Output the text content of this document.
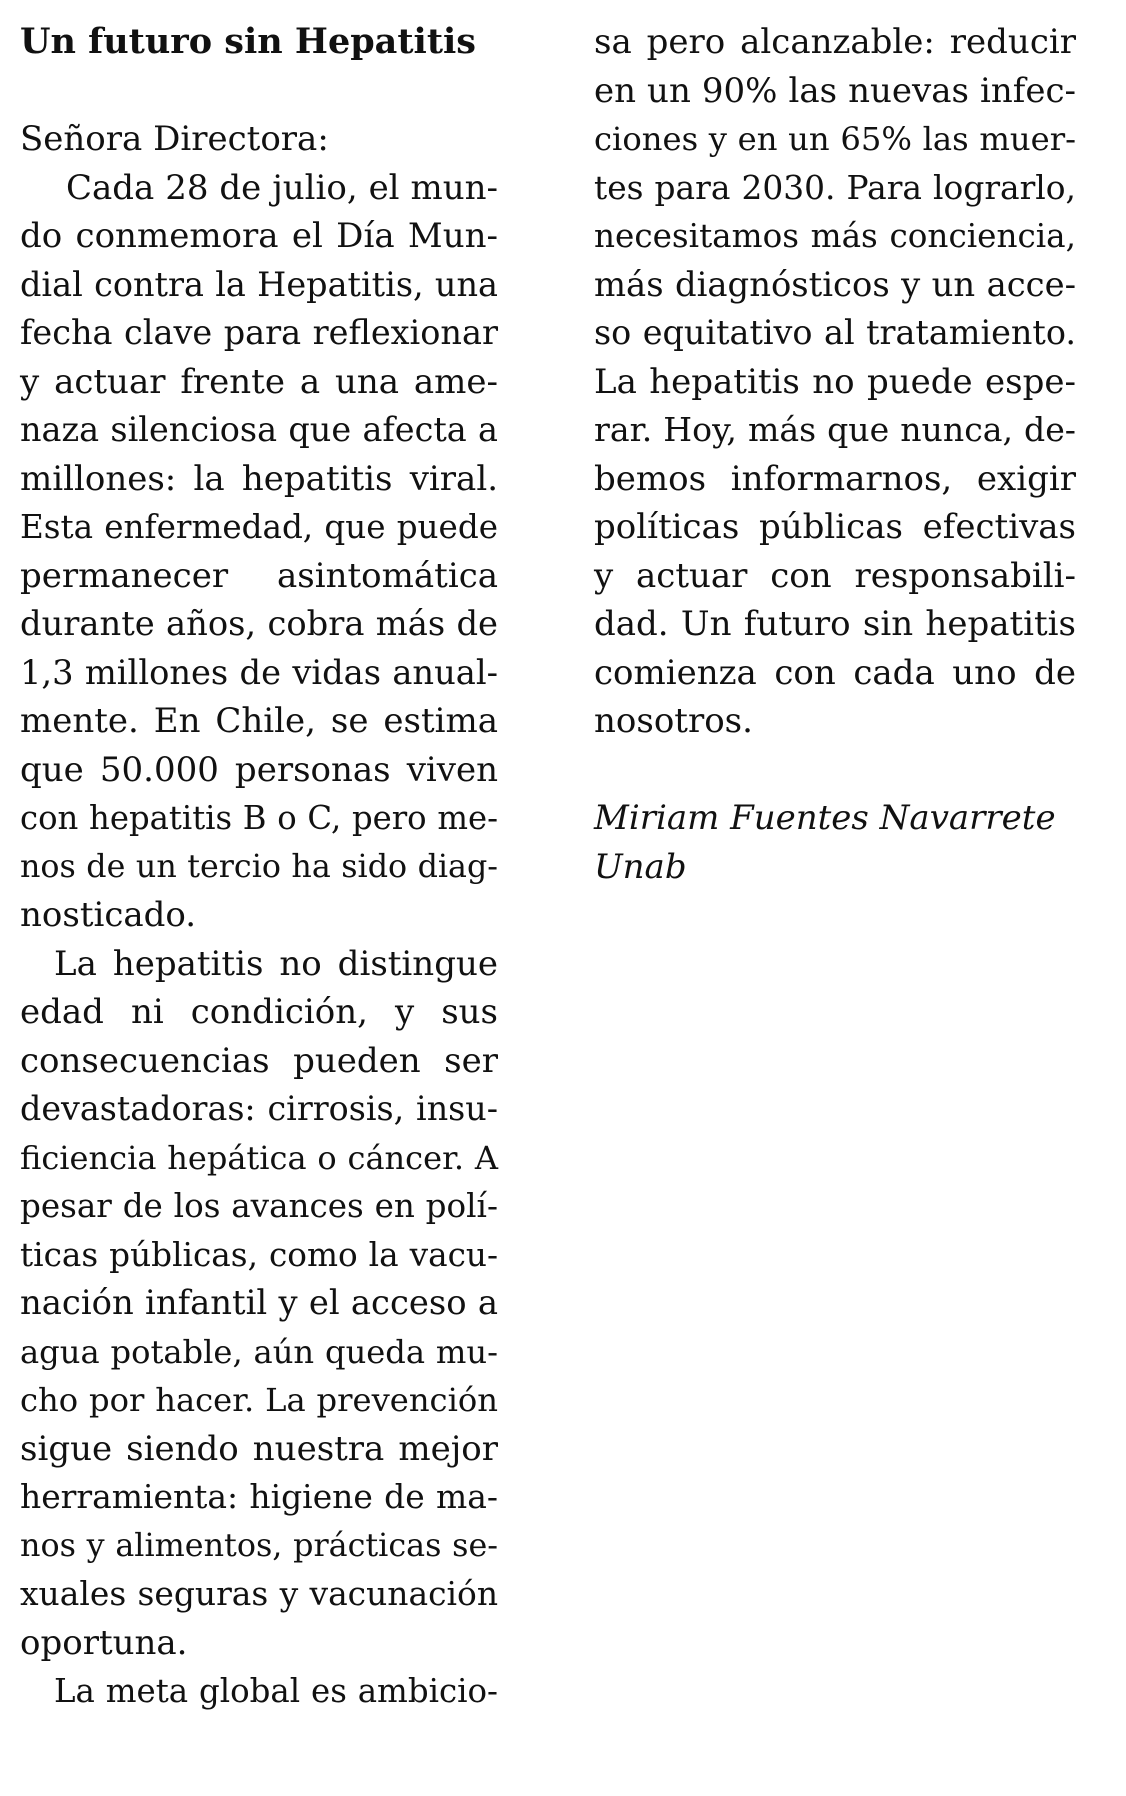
Un futuro sin Hepatitis
Señora Directora:
Cada 28 de julio, el mun-
do conmemora el Día Mun-
dial contra la Hepatitis, una
fecha clave para reflexionar
y actuar frente a una ame-
naza silenciosa que afecta a
millones: la hepatitis viral.
Esta enfermedad, que puede
permanecer asintomática
durante años, cobra más de
1,3 millones de vidas anual-
mente. En Chile, se estima
que 50.000 personas viven
con hepatitis B o C, pero me-
nos de un tercio ha sido diag-
nosticado.
La hepatitis no distingue
edad ni condición, y sus
consecuencias pueden ser
devastadoras: cirrosis, insu-
ficiencia hepática o cáncer. A
pesar de los avances en polí-
ticas públicas, como la vacu-
nación infantil y el acceso a
agua potable, aún queda mu-
cho por hacer. La prevención
sigue siendo nuestra mejor
herramienta: higiene de ma-
nos y alimentos, prácticas se-
xuales seguras y vacunación
oportuna.
La meta global es ambicio-
sa pero alcanzable: reducir
en un 90% las nuevas infec-
ciones y en un 65% las muer-
tes para 2030. Para lograrlo,
necesitamos más conciencia,
más diagnósticos y un acce-
so equitativo al tratamiento.
La hepatitis no puede espe-
rar. Hoy, más que nunca, de-
bemos informarnos, exigir
políticas públicas efectivas
y actuar con responsabili-
dad. Un futuro sin hepatitis
comienza con cada uno de
nosotros.
Miriam Fuentes Navarrete
Unab
